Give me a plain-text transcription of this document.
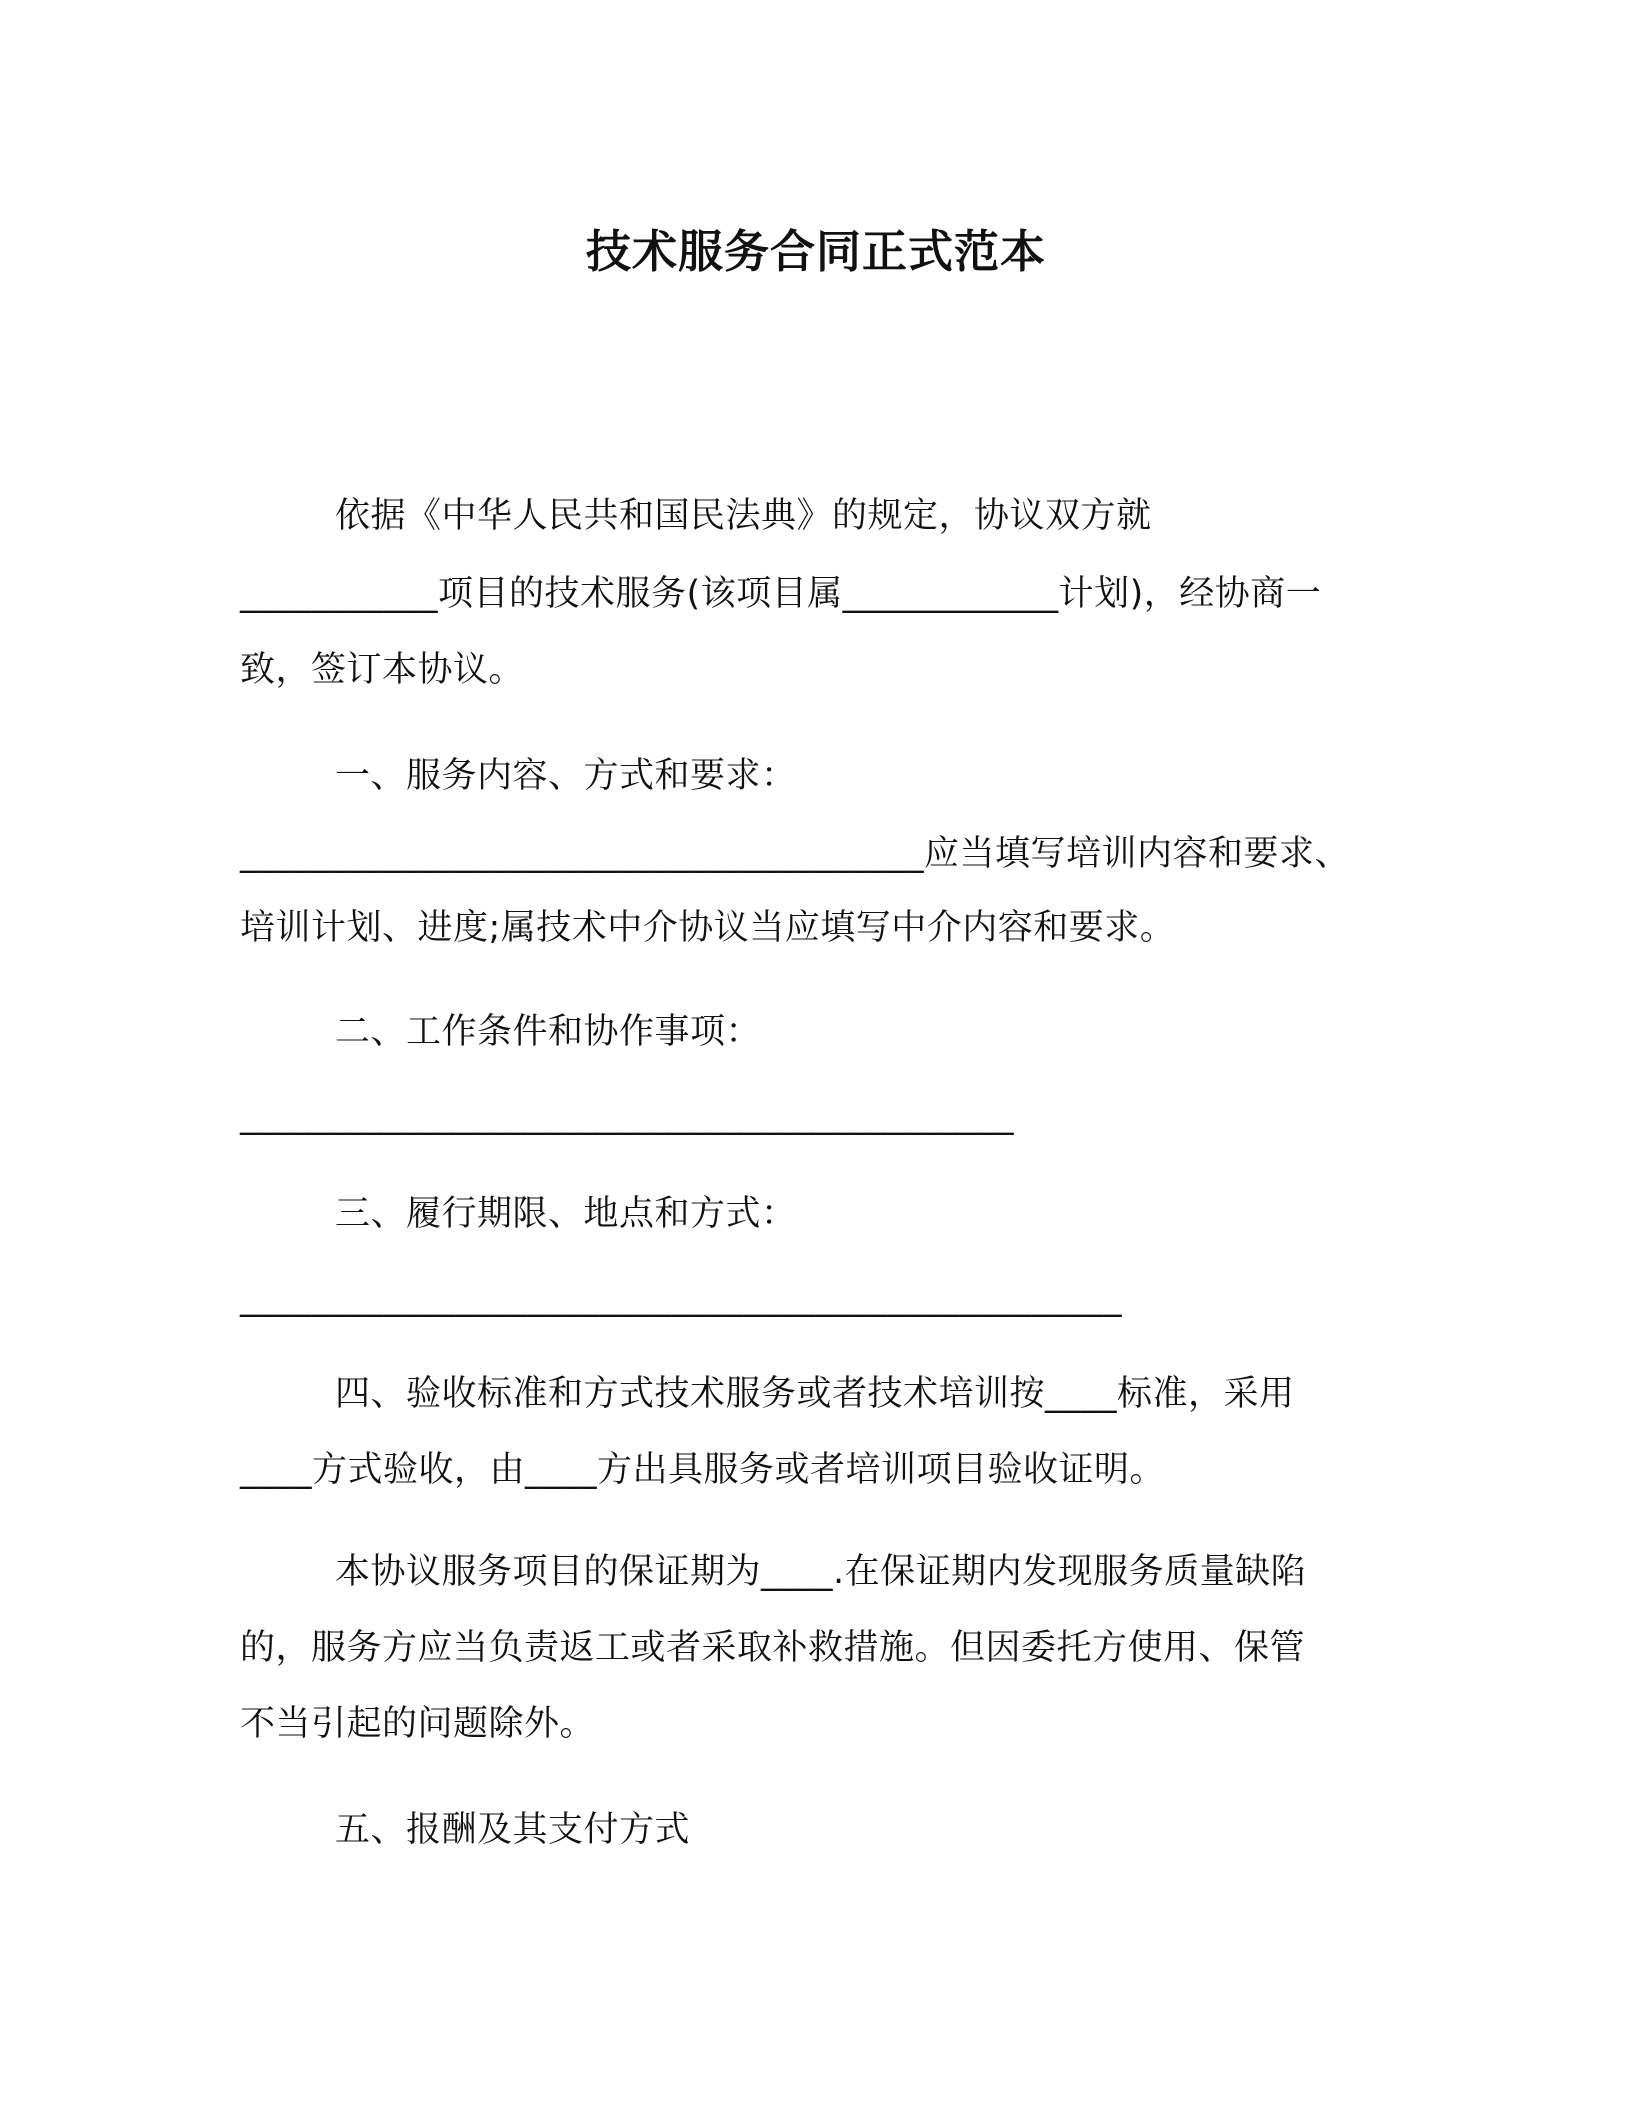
技术服务合同正式范本
依据《中华人民共和国民法典》的规定，协议双方就
___________项目的技术服务(该项目属____________计划)，经协商一
致，签订本协议。
一、服务内容、方式和要求：
______________________________________应当填写培训内容和要求、
培训计划、进度;属技术中介协议当应填写中介内容和要求。
二、工作条件和协作事项：
___________________________________________
三、履行期限、地点和方式：
_________________________________________________
四、验收标准和方式技术服务或者技术培训按____标准，采用
____方式验收，由____方出具服务或者培训项目验收证明。
本协议服务项目的保证期为____.在保证期内发现服务质量缺陷
的，服务方应当负责返工或者采取补救措施。但因委托方使用、保管
不当引起的问题除外。
五、报酬及其支付方式
